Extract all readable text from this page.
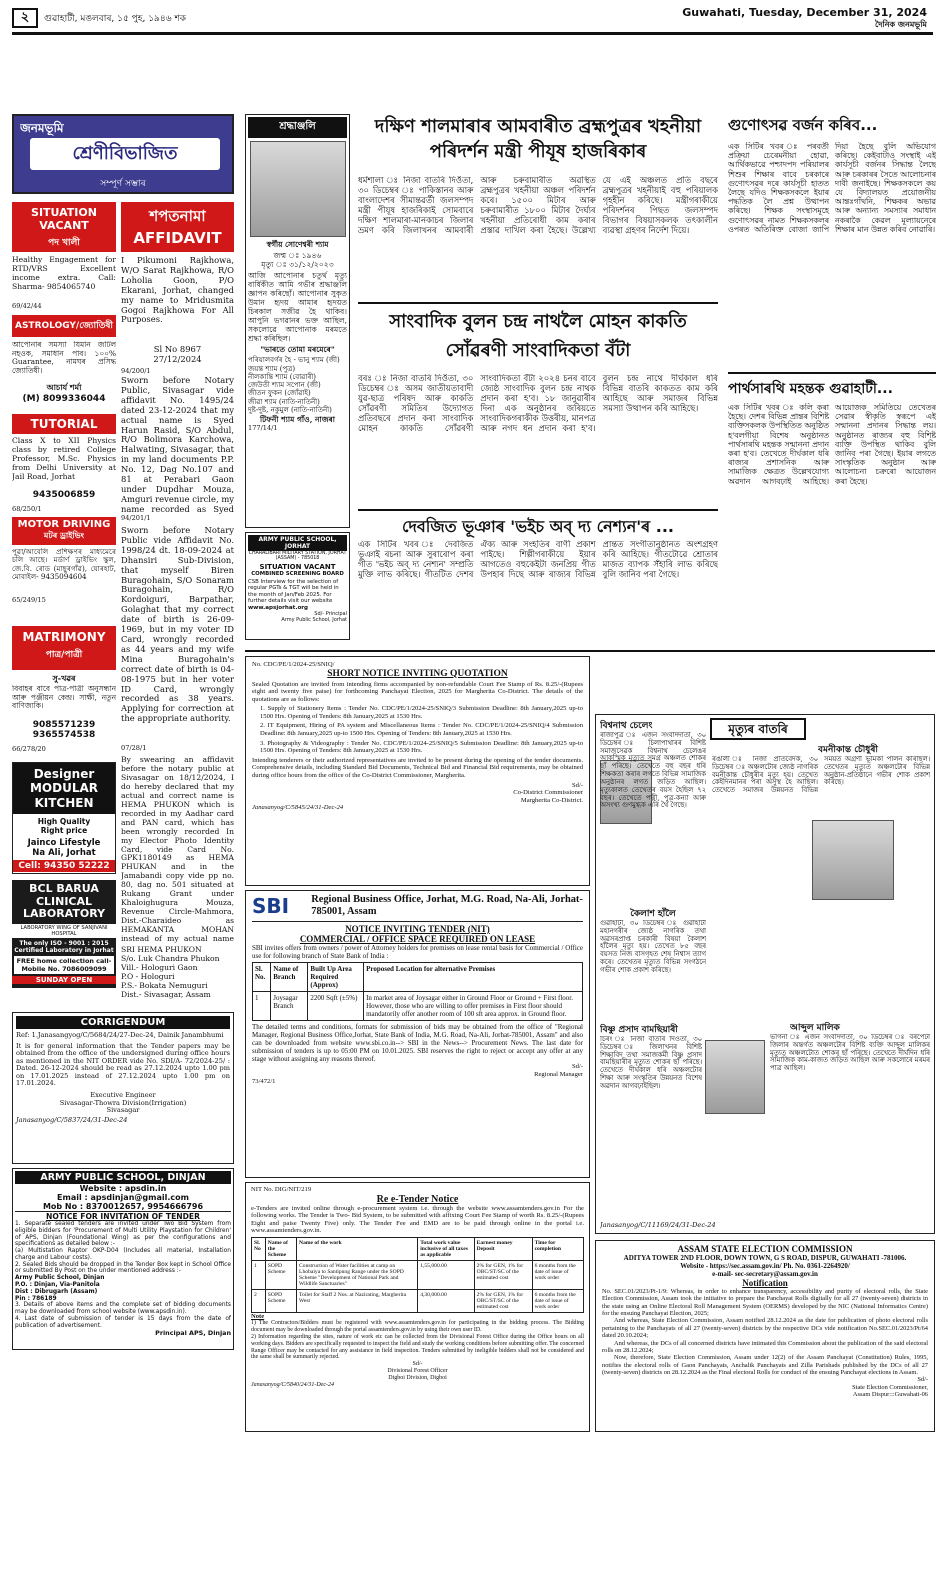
২	গুৱাহাটী, মঙলবাৰ, ১৫ পুহ, ১৯৪৬ শক	Guwahati, Tuesday, December 31, 2024
দৈনিক জনমভূমি
জনমভূমি
শ্ৰেণীবিভাজিত
সম্পূৰ্ণ সম্ভাৰ
SITUATION VACANT
পদ খালী
Healthy Engagement for RTD/VRS Excellent income extra. Call: Sharma- 9854065740
69/42/44
ASTROLOGY/জ্যোতিষী
আপোনাৰ সমস্যা যিমান জটিল নহওক, সমাধান পাব। ১০০% Guarantee, নামঘৰ প্ৰসিদ্ধ জ্যোতিষী।
আচাৰ্য শৰ্মা
(M) 8099336044
TUTORIAL
Class X to XII Physics class by retired College Professor, M.Sc. Physics from Delhi University at Jail Road, Jorhat
9435006859
68/250/1
MOTOR DRIVING
মটৰ ড্ৰাইভিং
পুৱা/আবেলি প্ৰশিক্ষণৰ মাধ্যমেৰে চলি আছে। মৰ্ডাৰ্ণ ড্ৰাইভিং স্কুল, জে.বি. ৰোড (মাছুৰগাঁৱ), যোৰহাট, মোবাইল- 9435094604
65/249/15
MATRIMONY
পাত্ৰ/পাত্ৰী
সু-খৱৰ
বিবাহৰ বাবে পাত্ৰ-পাত্ৰী অনুসন্ধান আৰু পঞ্জীয়ন কেন্দ্ৰ। সাক্ষী, নতুন বাণিজ্যকি।
9085571239
9365574538
66/278/20
Designer MODULAR KITCHEN
High Quality
Right price
Jainco Lifestyle
Na Ali, Jorhat
Cell: 94350 52222
BCL BARUA CLINICAL LABORATORY
LABORATORY WING OF SANJIVANI HOSPITAL
The only ISO - 9001 : 2015 Certified Laboratory in Jorhat
FREE home collection call- Mobile No. 7086009099
SUNDAY OPEN
শপতনামা AFFIDAVIT
I Pikumoni Rajkhowa, W/O Sarat Rajkhowa, R/O Loholia Goon, P/O Ekarani, Jorhat, changed my name to Mridusmita Gogoi Rajkhowa For All Purposes.
Sl No 8967
27/12/2024
94/200/1
Sworn before Notary Public, Sivasagar vide affidavit No. 1495/24 dated 23-12-2024 that my actual name is Syed Harun Rasid, S/O Abdul, R/O Bolimora Karchowa, Halwating, Sivasagar, that in my land documents P.P. No. 12, Dag No.107 and 81 at Perabari Gaon under Dupdhar Mouza, Amguri revenue circle, my name recorded as Syed
94/201/1
Sworn before Notary Public vide Affidavit No. 1998/24 dt. 18-09-2024 at Dhansiri Sub-Division, that myself Biren Buragohain, S/O Sonaram Buragohain, R/O Kordoiguri, Barpathar, Golaghat that my correct date of birth is 26-09-1969, but in my voter ID Card, wrongly recorded as 44 years and my wife Mina Buragohain's correct date of birth is 04-08-1975 but in her voter ID Card, wrongly recorded as 38 years. Applying for correction at the appropriate authority.
07/28/1
By swearing an affidavit before the notary public at Sivasagar on 18/12/2024, I do hereby declared that my actual and correct name is HEMA PHUKON which is recorded in my Aadhar card and PAN card, which has been wrongly recorded In my Elector Photo Identity Card, vide Card No. GPK1180149 as HEMA PHUKAN and in the Jamabandi copy vide pp no. 80, dag no. 501 situated at Rukang Grant under Khaloighugura Mouza, Revenue Circle-Mahmora, Dist.-Charaideo as HEMAKANTA MOHAN instead of my actual name
SRI HEMA PHUKON
S/o. Luk Chandra Phukon
Vill.- Hologuri Gaon
P.O - Hologuri
P.S.- Bokata Nemuguri
Dist.- Sivasagar, Assam
CORRIGENDUM
Ref: 1.Janasangyog/C/5684/24/27-Dec-24, Dainik Janambhumi
It is for general information that the Tender papers may be obtained from the office of the undersigned during office hours as mentioned in the NIT ORDER vide No. SDI/A- 72/2024-25/ : Dated. 26-12-2024 should be read as 27.12.2024 upto 1.00 pm on 17.01.2025 instead of 27.12.2024 upto 1.00 pm on 17.01.2024.
Executive Engineer
Sivasagar-Thowra Division(Irrigation)
Sivasagar
Janasanyog/C/5837/24/31-Dec-24
ARMY PUBLIC SCHOOL, DINJAN
Website : apsdin.in
Email : apsdinjan@gmail.com
Mob No : 8370012657, 9954666796
NOTICE FOR INVITATION OF TENDER
1. Separate sealed tenders are invited under Two Bid System from eligible bidders for 'Procurement of Multi Utility Playstation for Children' of APS, Dinjan (Foundational Wing) as per the configurations and specifications as detailed below :-
(a) Multistation Raptor OKP-D04 (Includes all material, Installation charge and Labour costs).
2. Sealed Bids should be dropped in the Tender Box kept in School Office or submitted By Post on the under mentioned address :-
Army Public School, Dinjan
P.O. : Dinjan, Via-Panitola
Dist : Dibrugarh (Assam)
Pin : 786189
3. Details of above items and the complete set of bidding documents may be downloaded from school website (www.apsdin.in).
4. Last date of submission of tender is 15 days from the date of publication of advertisement.
Principal APS, Dinjan
শ্ৰদ্ধাঞ্জলি
স্বৰ্গীয় সোণেশ্বৰী শ্যাম
জন্ম ঃ ১৯৪৬
মৃত্যু ঃ ৩১/১২/২০২৩
আজি আপোনাৰ চতুৰ্থ মৃত্যু বাৰ্ষিকীত আমি গভীৰ শ্ৰদ্ধাঞ্জলি জ্ঞাপন কৰিছোঁ। আপোনাৰ সুকৃত উমান হৃদয় আমাৰ হৃদয়ত চিৰকাল সজীৱ হৈ থাকিব। আপুনি ভগৱানৰ ভক্ত আছিল, সকলোৱে আপোনাক মৰমতে শ্ৰদ্ধা কৰিছিল।
"ভাৰতে তোমা মৰমেৰে"
পৰিয়ালবৰ্গৰ হৈ - ভানু শ্যাম (জী)
জয়ন্ত শ্যাম (পুত্ৰ)
নীলকান্তি শ্যাম (বোৱাৰী)
জেউতী শ্যাম সপোন (জী)
জীতন ফুকন (জোঁৱাই)
জীৱা শ্যাম (নাতি-নাতিনী)
দুষ্ট-দুষ্ট, নকুমুল (নাতি-নাতিনী)
টিফনী শ্যাম গাঁও, নাজৰা
177/14/1
ARMY PUBLIC SCHOOL, JORHAT
CHARALIBARI MILITARY STATION, JORHAT (ASSAM) - 785018
SITUATION VACANT
COMBINED SCREENING BOARD
CSB Interview for the selection of regular PGTs & TGT will be held in the month of Jan/Feb 2025. For further details visit our website
www.apsjorhat.org
Sd/- Principal
Army Public School, Jorhat
দক্ষিণ শালমাৰাৰ আমবাৰীত ব্ৰহ্মপুত্ৰৰ খহনীয়া পৰিদৰ্শন মন্ত্ৰী পীযূষ হাজৰিকাৰ
ধৰ্মশালা ঃ নিজা বাতৰি দিওঁতা, ৩০ ডিচেম্বৰ ঃ পাকিস্তানৰ আৰু বাংলাদেশৰ সীমান্তৱৰ্তী জলসম্পদ মন্ত্ৰী পীযূষ হাজৰিকাই সোমবাৰে দক্ষিণ শালমাৰা-মানকাচৰ জিলাৰ ভ্ৰমণ কৰি জিলাখনৰ আমবাৰী আৰু চৰুবামাৰীত অৱস্থিত ব্ৰহ্মপুত্ৰৰ খহনীয়া অঞ্চল পৰিদৰ্শন কৰে। ১৫০০ মিটাৰ আৰু চৰুবামাৰীত ১৮০০ মিটাৰ দৈৰ্ঘ্যৰ খহনীয়া প্ৰতিৰোধী কাম কৰাৰ প্ৰস্তাৱ দাখিল কৰা হৈছে। উল্লেখ্য যে এই অঞ্চলত প্ৰতি বছৰে ব্ৰহ্মপুত্ৰৰ খহনীয়াই বহু পৰিয়ালক গৃহহীন কৰিছে। মন্ত্ৰীগৰাকীয়ে পৰিদৰ্শনৰ পিছত জলসম্পদ বিভাগৰ বিষয়াসকলক তৎকালীন ব্যৱস্থা গ্ৰহণৰ নিৰ্দেশ দিয়ে।
সাংবাদিক বুলন চন্দ্ৰ নাথলৈ মোহন কাকতি সোঁৱৰণী সাংবাদিকতা বঁটা
বৰঃ ঃ নিজা বাতৰি দিওঁতা, ৩০ ডিচেম্বৰ ঃ অসম জাতীয়তাবাদী যুৱ-ছাত্ৰ পৰিষদ আৰু কাকতি সোঁৱৰণী সমিতিৰ উদ্যোগত প্ৰতিবছৰে প্ৰদান কৰা সাংবাদিক মোহন কাকতি সোঁৱৰণী সাংবাদিকতা বঁটা ২০২৪ চনৰ বাবে জ্যেষ্ঠ সাংবাদিক বুলন চন্দ্ৰ নাথক প্ৰদান কৰা হ'ব। ১৮ জানুৱাৰীৰ দিনা এক অনুষ্ঠানৰ জৰিয়তে সাংবাদিকগৰাকীক উত্তৰীয়, মানপত্ৰ আৰু নগদ ধন প্ৰদান কৰা হ'ব। বুলন চন্দ্ৰ নাথে দীৰ্ঘকাল ধৰি বিভিন্ন বাতৰি কাকতত কাম কৰি আহিছে আৰু সমাজৰ বিভিন্ন সমস্যা উত্থাপন কৰি আহিছে।
দেবজিত ভূঞাৰ 'ভইচ অব্ দ্য নেশ্যন'ৰ ...
এক সিটিৰ খবৰ ঃ দেবজিত ভূঞাই ৰচনা আৰু সুৰাৰোপ কৰা গীত 'ভইচ অব্ দ্য নেশ্যন' সম্প্ৰতি মুক্তি লাভ কৰিছে। গীতটিত দেশৰ ঐক্য আৰু সংহতিৰ বাণী প্ৰকাশ পাইছে। শিল্পীগৰাকীয়ে ইয়াৰ আগতেও বহুকেইটা জনপ্ৰিয় গীত উপহাৰ দিছে আৰু ৰাজ্যৰ বিভিন্ন প্ৰান্তত সংগীতানুষ্ঠানত অংশগ্ৰহণ কৰি আহিছে। গীতটোৱে শ্ৰোতাৰ মাজত ব্যাপক সঁহাৰি লাভ কৰিছে বুলি জানিব পৰা গৈছে।
গুণোৎসৱ বৰ্জন কৰিব...
এক সিটিৰ খবৰ ঃ পৰবৰ্তী প্ৰক্ৰিয়া চেৰেমনীয়া হোৱা, আৰ্থিকভাৱে পশ্চাদপদ পৰিয়ালৰ শিশুৰ শিক্ষাৰ বাবে চৰকাৰে গুণোৎসৱৰ দৰে কাৰ্যসূচী হাতত লৈছে যদিও শিক্ষকসকলে ইয়াৰ পদ্ধতিক লৈ প্ৰশ্ন উত্থাপন কৰিছে। শিক্ষক সংস্থাসমূহে গুণোৎসৱৰ নামত শিক্ষকসকলৰ ওপৰত অতিৰিক্ত বোজা জাপি দিয়া হৈছে বুলি অভিযোগ কৰিছে। কেইবাটাও সংস্থাই এই কাৰ্যসূচী বৰ্জনৰ সিদ্ধান্ত লৈছে আৰু চৰকাৰৰ সৈতে আলোচনাৰ দাবী জনাইছে। শিক্ষকসকলে কয় যে বিদ্যালয়ত প্ৰয়োজনীয় আন্তঃগাঁথনি, শিক্ষকৰ অভাৱ আৰু অন্যান্য সমস্যাৰ সমাধান নকৰাকৈ কেৱল মূল্যায়নেৰে শিক্ষাৰ মান উন্নত কৰিব নোৱাৰি।
পাৰ্থসাৰথি মহন্তক গুৱাহাটী...
এক সিটিৰ খবৰ ঃ কলি কৰা হৈছে। দেশৰ বিভিন্ন প্ৰান্তৰ বিশিষ্ট ব্যক্তিসকলক উপস্থিতিত অনুষ্ঠিত হ'বলগীয়া বিশেষ অনুষ্ঠানত পাৰ্থসাৰথি মহন্তক সন্মাননা প্ৰদান কৰা হ'ব। তেখেতে দীৰ্ঘকাল ধৰি ৰাজ্যৰ প্ৰশাসনিক আৰু সামাজিক ক্ষেত্ৰত উল্লেখযোগ্য অৱদান আগবঢ়াই আহিছে। আয়োজক সমিতিয়ে তেখেতৰ সেৱাৰ স্বীকৃতি স্বৰূপে এই সন্মাননা প্ৰদানৰ সিদ্ধান্ত লয়। অনুষ্ঠানত ৰাজ্যৰ বহু বিশিষ্ট ব্যক্তি উপস্থিত থাকিব বুলি জানিব পৰা গৈছে। ইয়াৰ লগতে সাংস্কৃতিক অনুষ্ঠান আৰু আলোচনা চক্ৰৰো আয়োজন কৰা হৈছে।
No. CDC/PE/1/2024-25/SNIQ/
SHORT NOTICE INVITING QUOTATION
Sealed Quotation are invited from intending firms accompanied by non-refundable Court Fee Stamp of Rs. 8.25/-(Rupees eight and twenty five paise) for forthcoming Panchayat Election, 2025 for Margherita Co-District. The details of the quotations are as follows:
1. Supply of Stationery Items : Tender No. CDC/PE/1/2024-25/SNIQ/3 Submission Deadline: 8th January,2025 up-to 1500 Hrs. Opening of Tenders: 8th January,2025 at 1530 Hrs.
2. IT Equipment, Hiring of PA system and Miscellaneous Items : Tender No. CDC/PE/1/2024-25/SNIQ/4 Submission Deadline: 8th January,2025 up-to 1500 Hrs. Opening of Tenders: 8th January,2025 at 1530 Hrs.
3. Photography & Videography : Tender No. CDC/PE/1/2024-25/SNIQ/5 Submission Deadline: 8th January,2025 up-to 1500 Hrs. Opening of Tenders: 8th January,2025 at 1530 Hrs.
Intending tenderers or their authorized representatives are invited to be present during the opening of the tender documents. Comprehensive details, including Standard Bid Documents, Technical Bid and Financial Bid requirements, may be obtained during office hours from the office of the Co-District Commissioner, Margherita.
Sd/-
Co-District Commissioner
Margherita Co-District.
Janasanyog/C/5845/24/31-Dec-24
SBI	Regional Business Office, Jorhat, M.G. Road, Na-Ali, Jorhat-785001, Assam
NOTICE INVITING TENDER (NIT)
COMMERCIAL / OFFICE SPACE REQUIRED ON LEASE
SBI invites offers from owners / power of Attorney holders for premises on lease rental basis for Commercial / Office use for following branch of State Bank of India :
Sl. No.	Name of Branch	Built Up Area Required (Approx)	Proposed Location for alternative Premises
1	Joysagar Branch	2200 Sqft (±5%)	In market area of Joysagar either in Ground Floor or Ground + First floor. However, those who are willing to offer premises in First floor should mandatorily offer another room of 100 sft area approx. in Ground floor.
The detailed terms and conditions, formats for submission of bids may be obtained from the office of "Regional Manager, Regional Business Office,Jorhat, State Bank of India, M.G. Road, Na-Ali, Jorhat-785001, Assam" and also can be downloaded from website www.sbi.co.in--> SBI in the News--> Procurement News. The last date for submission of tenders is up to 05:00 PM on 10.01.2025. SBI reserves the right to reject or accept any offer at any stage without assigning any reasons thereof.
Sd/-
Regional Manager
73/472/1
NIT No. DIG/NIT/219
Re e-Tender Notice
e-Tenders are invited online through e-procurement system i.e. through the website www.assamtenders.gov.in For the following works. The Tender is Two- Bid System, to be submitted with affixing Court Fee Stamp of worth Rs. 8.25/-(Rupees Eight and paise Twenty Five) only. The Tender Fee and EMD are to be paid through online in the portal i.e. www.assamtenders.gov.in.
Sl. No	Name of the Scheme	Name of the work	Total work value inclusive of all taxes as applicable	Earnest money Deposit	Time for completion
1	SOPD Scheme	Construction of Water facilities at camp on Lhobaiya to Santipung Range under the SOPD Scheme "Development of National Park and Wildlife Sanctuaries"	1,55,000.00	2% for GEN, 1% for OBC/ST/SC of the estimated cost	6 months from the date of issue of work order
2	SOPD Scheme	Toilet for Staff 2 Nos. at Nazirating, Margherita West	4,30,000.00	2% for GEN, 1% for OBC/ST/SC of the estimated cost	6 months from the date of issue of work order
Note
1) The Contractors/Bidders must be registered with www.assamtenders.gov.in for participating in the bidding process. The Bidding document may be downloaded through the portal assamtenders.gov.in by using their own user ID.
2) Information regarding the sites, nature of work etc can be collected from the Divisional Forest Office during the Office hours on all working days. Bidders are specifically requested to inspect the field and study the working conditions before submitting offer. The concerned Range Officer may be contacted for any assistance in field inspection. Tenders submitted by ineligible bidders shall not be considered and the same shall be summarily rejected.
Sd/-
Divisional Forest Officer
Digboi Division, Digboi
Janasanyog/C/5840/24/31-Dec-24
মৃত্যুৰ বাতৰি
বিশ্বনাথ চেলেং
ৰাজাপুত্ৰ ঃ এজন সংবাদদাতা, ৩০ ডিচেম্বৰ ঃ চিলাপাথাৰৰ বিশিষ্ট সমাজসেৱক বিশ্বনাথ চেলেঙৰ আকস্মিক মৃত্যুত সমগ্ৰ অঞ্চলত শোকৰ ছাঁ পৰিছে। তেখেতে বহু বছৰ ধৰি শিক্ষকতা কৰাৰ লগতে বিভিন্ন সামাজিক অনুষ্ঠানৰ লগত জড়িত আছিল। মৃত্যুকালত তেখেতৰ বয়স হৈছিল ৭২ বছৰ। তেখেতে পত্নী, পুত্ৰ-কন্যা আৰু অসংখ্য গুণমুগ্ধক এৰি থৈ গৈছে।
কৈলাশ হাঁলৈ
গুৱাহাটী, ৩০ ডিচেম্বৰ ঃ গুৱাহাটী মহানগৰীৰ জ্যেষ্ঠ নাগৰিক তথা অৱসৰপ্ৰাপ্ত চৰকাৰী বিষয়া কৈলাশ হাঁলৈৰ মৃত্যু হয়। তেখেত ৮৫ বছৰ বয়সত নিজ বাসগৃহত শেষ নিশ্বাস ত্যাগ কৰে। তেখেতৰ মৃত্যুত বিভিন্ন সংগঠনে গভীৰ শোক প্ৰকাশ কৰিছে।
বিষ্ণু প্ৰসাদ বামছিয়াৰী
চিৰং ঃ নিজা বাতৰি দিওঁতা, ৩০ ডিচেম্বৰ ঃ জিলাখনৰ বিশিষ্ট শিক্ষাবিদ তথা সমাজকৰ্মী বিষ্ণু প্ৰসাদ বামছিয়াৰীৰ মৃত্যুত শোকৰ ছাঁ পৰিছে। তেখেতে দীৰ্ঘকাল ধৰি অঞ্চলটোৰ শিক্ষা আৰু সংস্কৃতিৰ উন্নয়নত বিশেষ অৱদান আগবঢ়াইছিল।
বমনীকান্ত চৌধুৰী
ৰঙালী ঃ নিজা প্ৰতিবেদক, ৩০ ডিচেম্বৰ ঃ অঞ্চলটোৰ জ্যেষ্ঠ নাগৰিক বমনীকান্ত চৌধুৰীৰ মৃত্যু হয়। তেখেত কেইদিনমানৰ পৰা অসুস্থ হৈ আছিল। তেখেতে সমাজৰ উন্নয়নত বিভিন্ন সময়ত অগ্ৰণী ভূমিকা পালন কৰিছিল। তেখেতৰ মৃত্যুত অঞ্চলটোৰ বিভিন্ন অনুষ্ঠান-প্ৰতিষ্ঠানে গভীৰ শোক প্ৰকাশ কৰিছে।
আব্দুল মালিক
ভগিনা ঃ এজন সংবাদদাতা, ৩০ ডিচেম্বৰ ঃ বৰপেটা জিলাৰ অন্তৰ্গত অঞ্চলটোৰ বিশিষ্ট ব্যক্তি আব্দুল মালিকৰ মৃত্যুত অঞ্চলটোত শোকৰ ছাঁ পৰিছে। তেখেতে দীৰ্ঘদিন ধৰি সামাজিক কাম-কাজত জড়িত আছিল আৰু সকলোৰে মৰমৰ পাত্ৰ আছিল।
Janasanyog/C/11169/24/31-Dec-24
ASSAM STATE ELECTION COMMISSION
ADITYA TOWER 2ND FLOOR, DOWN TOWN, G S ROAD, DISPUR, GUWAHATI -781006.
Website - https://sec.assam.gov.in/ Ph. No. 0361-2264920/
e-mail- sec-secretary@assam.gov.in
Notification
No. SEC.01/2023/Pt-1/9: Whereas, in order to enhance transparency, accessibility and purity of electoral rolls, the State Election Commission, Assam took the initiative to prepare the Panchayat Rolls digitally for all 27 (twenty-seven) districts in the state using an Online Electoral Roll Management System (OERMS) developed by the NIC (National Informatics Centre) for the ensuing Panchayat Election, 2025;
And whereas, State Election Commission, Assam notified 28.12.2024 as the date for publication of photo electoral rolls pertaining to the Panchayats of all 27 (twenty-seven) districts by the respective DCs vide notification No.SEC.01/2023/Pt/64 dated 20.10.2024;
And whereas, the DCs of all concerned districts have intimated this Commission about the publication of the said electoral rolls on 28.12.2024;
Now, therefore, State Election Commission, Assam under 12(2) of the Assam Panchayat (Constitution) Rules, 1995, notifies the electoral rolls of Gaon Panchayats, Anchalik Panchayats and Zilla Parishads published by the DCs of all 27 (twenty-seven) districts on 28.12.2024 as the Final electoral Rolls for conduct of the ensuing Panchayat elections in Assam.
Sd/-
State Election Commissioner,
Assam Dispur:::Guwahati-06
